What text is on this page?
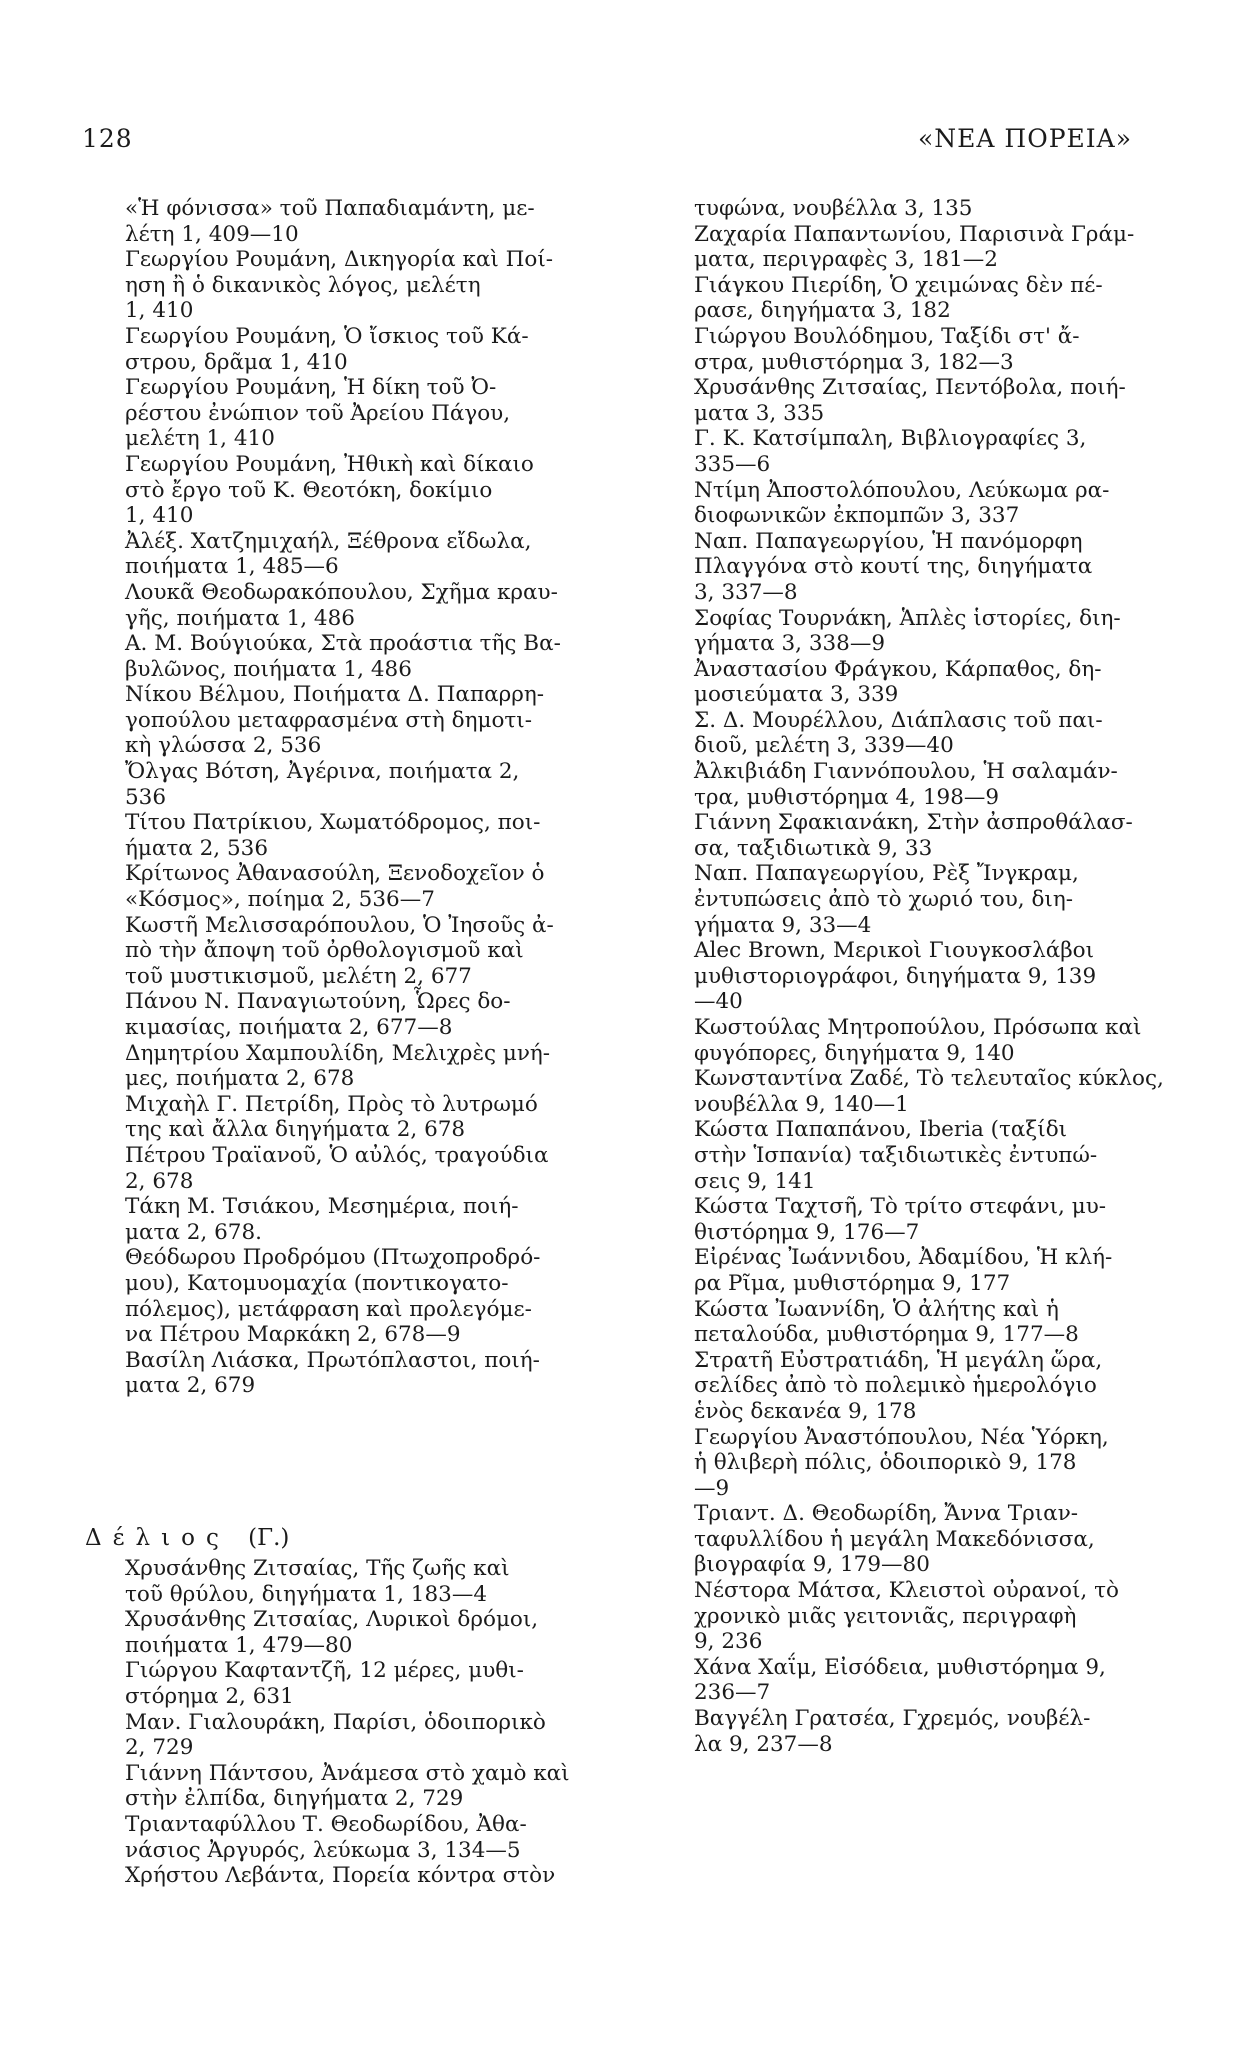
128	«ΝΕΑ ΠΟΡΕΙΑ»
«Ἡ φόνισσα» τοῦ Παπαδιαμάντη, με-
λέτη 1, 409—10
Γεωργίου Ρουμάνη, Δικηγορία καὶ Ποί-
ηση ἢ ὁ δικανικὸς λόγος, μελέτη
1, 410
Γεωργίου Ρουμάνη, Ὁ ἴσκιος τοῦ Κά-
στρου, δρᾶμα 1, 410
Γεωργίου Ρουμάνη, Ἡ δίκη τοῦ Ὀ-
ρέστου ἐνώπιον τοῦ Ἀρείου Πάγου,
μελέτη 1, 410
Γεωργίου Ρουμάνη, Ἠθικὴ καὶ δίκαιο
στὸ ἔργο τοῦ Κ. Θεοτόκη, δοκίμιο
1, 410
Ἀλέξ. Χατζημιχαήλ, Ξέθρονα εἴδωλα,
ποιήματα 1, 485—6
Λουκᾶ Θεοδωρακόπουλου, Σχῆμα κραυ-
γῆς, ποιήματα 1, 486
Α. Μ. Βούγιούκα, Στὰ προάστια τῆς Βα-
βυλῶνος, ποιήματα 1, 486
Νίκου Βέλμου, Ποιήματα Δ. Παπαρρη-
γοπούλου μεταφρασμένα στὴ δημοτι-
κὴ γλώσσα 2, 536
Ὄλγας Βότση, Ἀγέρινα, ποιήματα 2,
536
Τίτου Πατρίκιου, Χωματόδρομος, ποι-
ήματα 2, 536
Κρίτωνος Ἀθανασούλη, Ξενοδοχεῖον ὁ
«Κόσμος», ποίημα 2, 536—7
Κωστῆ Μελισσαρόπουλου, Ὁ Ἰησοῦς ἀ-
πὸ τὴν ἄποψη τοῦ ὀρθολογισμοῦ καὶ
τοῦ μυστικισμοῦ, μελέτη 2, 677
Πάνου Ν. Παναγιωτούνη, Ὧρες δο-
κιμασίας, ποιήματα 2, 677—8
Δημητρίου Χαμπουλίδη, Μελιχρὲς μνή-
μες, ποιήματα 2, 678
Μιχαὴλ Γ. Πετρίδη, Πρὸς τὸ λυτρωμό
της καὶ ἄλλα διηγήματα 2, 678
Πέτρου Τραϊανοῦ, Ὁ αὐλός, τραγούδια
2, 678
Τάκη Μ. Τσιάκου, Μεσημέρια, ποιή-
ματα 2, 678.
Θεόδωρου Προδρόμου (Πτωχοπροδρό-
μου), Κατομυομαχία (ποντικογατο-
πόλεμος), μετάφραση καὶ προλεγόμε-
να Πέτρου Μαρκάκη 2, 678—9
Βασίλη Λιάσκα, Πρωτόπλαστοι, ποιή-
ματα 2, 679
Δέλιος (Γ.)
Χρυσάνθης Ζιτσαίας, Τῆς ζωῆς καὶ
τοῦ θρύλου, διηγήματα 1, 183—4
Χρυσάνθης Ζιτσαίας, Λυρικοὶ δρόμοι,
ποιήματα 1, 479—80
Γιώργου Καφταντζῆ, 12 μέρες, μυθι-
στόρημα 2, 631
Μαν. Γιαλουράκη, Παρίσι, ὁδοιπορικὸ
2, 729
Γιάννη Πάντσου, Ἀνάμεσα στὸ χαμὸ καὶ
στὴν ἐλπίδα, διηγήματα 2, 729
Τριανταφύλλου Τ. Θεοδωρίδου, Ἀθα-
νάσιος Ἀργυρός, λεύκωμα 3, 134—5
Χρήστου Λεβάντα, Πορεία κόντρα στὸν
τυφώνα, νουβέλλα 3, 135
Ζαχαρία Παπαντωνίου, Παρισινὰ Γράμ-
ματα, περιγραφὲς 3, 181—2
Γιάγκου Πιερίδη, Ὁ χειμώνας δὲν πέ-
ρασε, διηγήματα 3, 182
Γιώργου Βουλόδημου, Ταξίδι στ' ἄ-
στρα, μυθιστόρημα 3, 182—3
Χρυσάνθης Ζιτσαίας, Πεντόβολα, ποιή-
ματα 3, 335
Γ. Κ. Κατσίμπαλη, Βιβλιογραφίες 3,
335—6
Ντίμη Ἀποστολόπουλου, Λεύκωμα ρα-
διοφωνικῶν ἐκπομπῶν 3, 337
Ναπ. Παπαγεωργίου, Ἡ πανόμορφη
Πλαγγόνα στὸ κουτί της, διηγήματα
3, 337—8
Σοφίας Τουρνάκη, Ἁπλὲς ἱστορίες, διη-
γήματα 3, 338—9
Ἀναστασίου Φράγκου, Κάρπαθος, δη-
μοσιεύματα 3, 339
Σ. Δ. Μουρέλλου, Διάπλασις τοῦ παι-
διοῦ, μελέτη 3, 339—40
Ἀλκιβιάδη Γιαννόπουλου, Ἡ σαλαμάν-
τρα, μυθιστόρημα 4, 198—9
Γιάννη Σφακιανάκη, Στὴν ἀσπροθάλασ-
σα, ταξιδιωτικὰ 9, 33
Ναπ. Παπαγεωργίου, Ρὲξ Ἴνγκραμ,
ἐντυπώσεις ἀπὸ τὸ χωριό του, διη-
γήματα 9, 33—4
Alec Brown, Μερικοὶ Γιουγκοσλάβοι
μυθιστοριογράφοι, διηγήματα 9, 139
—40
Κωστούλας Μητροπούλου, Πρόσωπα καὶ
φυγόπορες, διηγήματα 9, 140
Κωνσταντίνα Ζαδέ, Τὸ τελευταῖος κύκλος,
νουβέλλα 9, 140—1
Κώστα Παπαπάνου, Iberia (ταξίδι
στὴν Ἱσπανία) ταξιδιωτικὲς ἐντυπώ-
σεις 9, 141
Κώστα Ταχτσῆ, Τὸ τρίτο στεφάνι, μυ-
θιστόρημα 9, 176—7
Εἰρένας Ἰωάννιδου, Ἀδαμίδου, Ἡ κλή-
ρα Ρῖμα, μυθιστόρημα 9, 177
Κώστα Ἰωαννίδη, Ὁ ἀλήτης καὶ ἡ
πεταλούδα, μυθιστόρημα 9, 177—8
Στρατῆ Εὐστρατιάδη, Ἡ μεγάλη ὥρα,
σελίδες ἀπὸ τὸ πολεμικὸ ἡμερολόγιο
ἑνὸς δεκανέα 9, 178
Γεωργίου Ἀναστόπουλου, Νέα Ὑόρκη,
ἡ θλιβερὴ πόλις, ὁδοιπορικὸ 9, 178
—9
Τριαντ. Δ. Θεοδωρίδη, Ἄννα Τριαν-
ταφυλλίδου ἡ μεγάλη Μακεδόνισσα,
βιογραφία 9, 179—80
Νέστορα Μάτσα, Κλειστοὶ οὐρανοί, τὸ
χρονικὸ μιᾶς γειτονιᾶς, περιγραφὴ
9, 236
Χάνα Χαΐμ, Εἰσόδεια, μυθιστόρημα 9,
236—7
Βαγγέλη Γρατσέα, Γχρεμός, νουβέλ-
λα 9, 237—8
